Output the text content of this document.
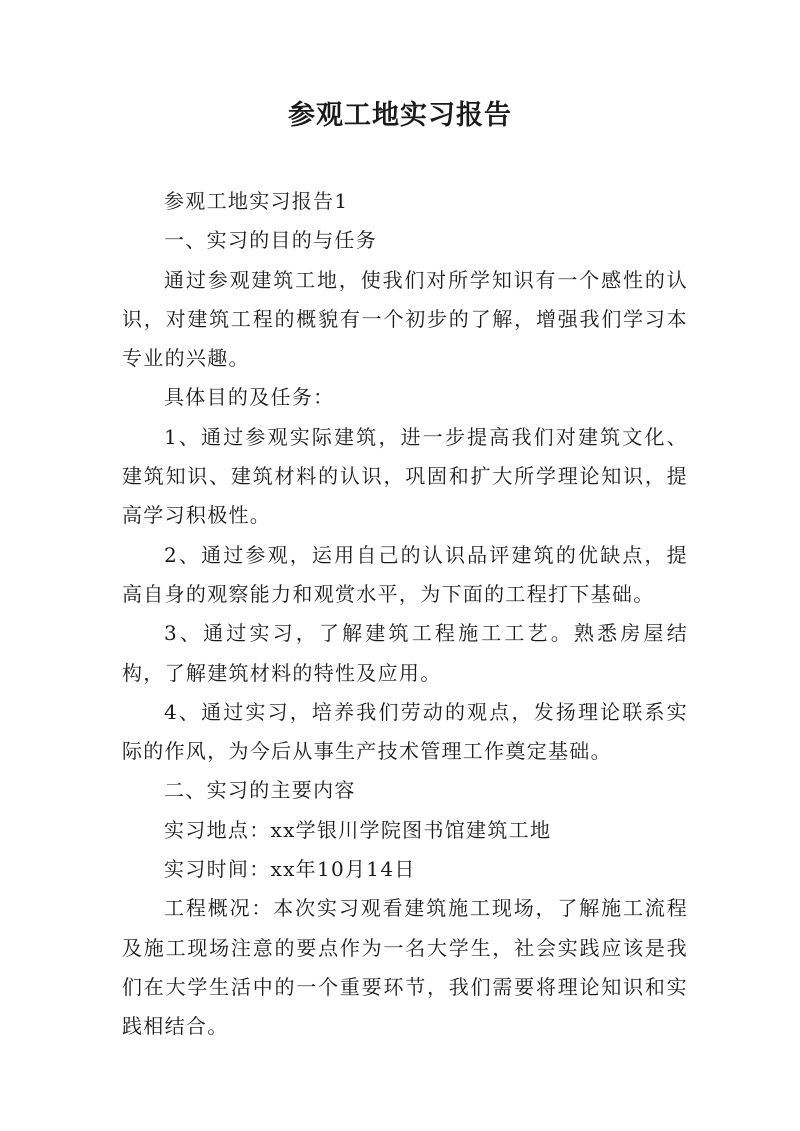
参观工地实习报告

参观工地实习报告1

一、实习的目的与任务

通过参观建筑工地，使我们对所学知识有一个感性的认识，对建筑工程的概貌有一个初步的了解，增强我们学习本专业的兴趣。

具体目的及任务：

1、通过参观实际建筑，进一步提高我们对建筑文化、建筑知识、建筑材料的认识，巩固和扩大所学理论知识，提高学习积极性。

2、通过参观，运用自己的认识品评建筑的优缺点，提高自身的观察能力和观赏水平，为下面的工程打下基础。

3、通过实习，了解建筑工程施工工艺。熟悉房屋结构，了解建筑材料的特性及应用。

4、通过实习，培养我们劳动的观点，发扬理论联系实际的作风，为今后从事生产技术管理工作奠定基础。

二、实习的主要内容

实习地点：xx学银川学院图书馆建筑工地

实习时间：xx年10月14日

工程概况：本次实习观看建筑施工现场，了解施工流程及施工现场注意的要点作为一名大学生，社会实践应该是我们在大学生活中的一个重要环节，我们需要将理论知识和实践相结合。
